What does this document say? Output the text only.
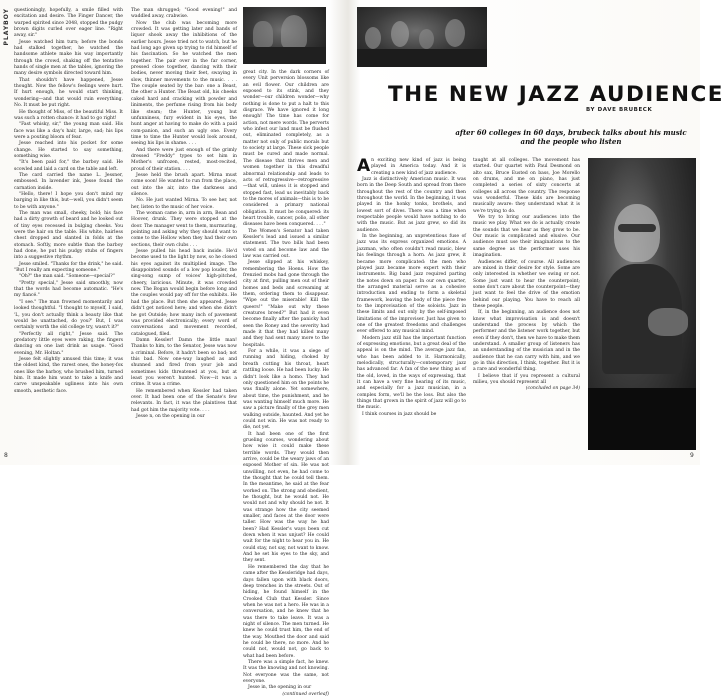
PLAYBOY
8	9

questioningly, hopefully, a smile filled with excitation and desire. The Finger Dancer, the warped spirited since 2048, stopped the pudgy brown digits curled over eager line. "Right away, sir."

Jesse watched him turn; before the bonds had stalked together, he watched the handsome athlete make his way importantly through the crowd, shaking off the tentative hands of single men at the tables, ignoring the many desire symbols directed toward him.

That shouldn't have happened, Jesse thought. Now the fellow's feelings were hurt. If hurt enough, he would start thinking, wondering—and that would ruin everything. No. It must be put right.

He thought of Miss, of the beautiful Miss. It was such a rotten chance: it had to go right!

"Fast whisky, sir," the young man said. His face was like a day's hair, large, sad; his lips were a pouting bloom of fear.

Jesse reached into his pocket for some change. He started to say something, something wise.

"It's been paid for," the barboy said. He scowled and laid a card on the table and left.

The card carried the name L. Jessner, embossed. In lavender ink, Jesse found the carnation inside.

"Hello, there! I hope you don't mind my barging in like this, but—well, you didn't seem to be with anyone."

The man was small, cheeky, bold; his face had a dirty growth of beard and he looked out of tiny eyes recessed in bulging cheeks. You were the hair on the table. His white, hairless chest dropped and slanted in folds at the stomach. Softly, more subtle than the barboy had done, he put his pudgy stubs of fingers into a suggestive rhythm.

Jesse smiled. "Thanks for the drink," he said. "But I really am expecting someone."

"Oh?" the man said. "Someone—special?"

"Pretty special," Jesse said smoothly, now that the words had become automatic. "He's my fiancé."

"I see." The man frowned momentarily and looked thoughtful. "I thought to myself, I said, 'L, you don't actually think a beauty like that would be unattached, do you?' But, I was certainly worth the old college try, wasn't it?"

"Perfectly all right," Jesse said. The predatory little eyes were raking, the fingers dancing on one last drink as usage. "Good evening, Mr. Holtan."

Jesse felt slightly amused this time; it was the oldest kind, the rarest ones, the honey-fox ones like the barboy, who brushed him, turned him. It made him want to take a knife and carve unspeakable ugliness into his own smooth, aesthetic face.

The man shrugged; "Good evening!" and waddled away, crabwise.

Now the club was becoming more crowded. It was getting later and bands of liquor shook away the inhibitions of the earlier hours. Jesse tried not to watch, but he had long ago given up trying to rid himself of his fascination. So he watched the men together. The pair over in the far corner, pressed close together, dancing with their bodies, never moving their feet, swaying in slow, thinner movements to the music. . . . The couple seated by the bar: one a Beast, the other a Hunter. The Beast old, his cheeks caked hard and cracking with powder and liniments, the perfume rising from his body like steam; the Hunter, young but unfunniness, fury evident in his eyes, the hunt anger at having to make do with a paid com-panion, and such an ugly one. Every time to time the Hunter would look around, seeing his lips in shame. . . .

And there were just enough of the grimly dressed "Freddy" types to set him in Mother's unfrozen, rested, most-recited, proud of their station. . . .

Jesse held the brush apart. Mirna must come soon! He wanted to run from the place, out into the air, into the darkness and silence.

No. He just wanted Mirna. To see her, not her, listen to the music of her voice.

The woman came in, arm in arm, Bean and Hoover, drunk. They were stopped at the door. The manager went to them, murmuring, pointing and asking why they should want to come to the Hollow when they had their own sections, their own clubs . . .

Jesse pulled his head back inside. He'd become used to the light by now, so he closed his eyes against its multiplied image. The disappointed sounds of a low pop louder, the sing-song sump of voices' high-pitched, cheery, laricious. Minute, it was crowded now. The Bogan would begin before long and the couples would pay off for the exhibits. He had the place. But then she appeared. Jesse didn't get noticed here; and when she didn't he got Outside; how many inch of pavement was provided electronically; every word of conversations and movement recorded, catalogued, filed.

Damn Kessler! Damn the little man! Thanks to him, to the Senator, Jesse was now a criminal. Before, it hadn't been so bad; not this bad. Now one-way laughed as and shunned and fired from your job and sometimes kids threatened at you, but at least you weren't hunted. Now—it was a crime. It was a crime.

He remembered when Kessler had taken over. It had been one of the Senate's few relevants. In fact, it was the plaintives that had got him the majority vote. . . .

Jesse n, on the opening in our

great city. In the dark corners of every Unit perversion blossoms like an evil flower. Our children are exposed to its stink, and they wonder—our children wonder—why nothing is done to put a halt to this disgrace. We have ignored it long enough! The time has come for action, not mere words. The perverts who infest our land must be flushed out, eliminated completely, as a matter not only of public morals but to society at large. These sick people must be cured and made normal. The disease that thrives men and women together in this dreadful abnormal relationship and leads to acts of retrogressive—retrogressive—that will, unless it is stopped and stopped fast, lead us inevitably back to the mores of animals—this is to be considered a primary national obligation. It must be conquered: its heart trouble, cancer, polio, all other diseases have been conquered. . . ."

The Women's Senator had taken Kessler's lead and issued a similar statement. The two bills had been voted on and become law and the law was carried out.

Jesse slipped at his whiskey, remembering the Hoens. How the frenzied mobs had gone through the city at first, pulling men out of their homes and beds and screaming at them, ordering them to disappear. "Wipe out the miserable! Kill the queers!" "Make out why these creatures breed?" But had it even become finally after the panicky had seen the Roney and the severity had made it that they had killed many and they had sent many more to the hospitals.

For a while, it was a siege of running and hiding, choked by breath cutting his throat, heart rattling loose. He had been lucky. He didn't look like a homo. They had only questioned him on the points he was finally alone. Yet somewhere, about time, the punishment, and he was wanting himself much more. He saw a picture finally of the grey men walking outside, haunted. And yet he could not win. He was not ready to die, not yet.

It had been one of the first grueling courses, wondering about how wise it could make these terrible words. They would then arrive, could be the weary jaws of an exposed Mother of sin. He was not unwilling, not even, he had come to the thought that he could tell them. In the meantime, he said at the fear worked on. The strong and obedient, he thought, but he would not. He would not and why should he not. It was strange how the city seemed smaller, and faces at the door were taller. How was the way he had been? Had Kessler's ways been cut down when it was unjust? He could wait for the night to hear you in. He could stay, not say, not want to know. And he set his eyes to the sky, and they sent.

He remembered the day that he came after the Kessleridge had days, days fallen upon with black doors, deep trenches in the streets. Out of hiding, he found himself in the Crooked Club that Kessler. Since when he was not a hero. He was in a conversation, and he knew that he was there to take leave. It was a night of silence. The men turned. He knew he could trust him, the end of the way. Mouthed the door and said he could be there, no more. And he could not, would not, go back to what had been before.

There was a simple fact, he knew. It was the knowing and not knowing. Not everyone was the same, not everyone.

Jesse in, the opening in our

(continued overleaf)
THE NEW JAZZ AUDIENCE
BY DAVE BRUBECK
after 60 colleges in 60 days, brubeck talks about his music and the people who listen

An exciting new kind of jazz is being played in America today. And it is creating a new kind of jazz audience.

Jazz is distinctively American music. It was born in the Deep South and spread from there throughout the rest of the country and then throughout the world. In the beginning, it was played in the honky tonks, brothels, and lowest sort of dives. There was a time when respectable people would have nothing to do with the music. But as jazz grew, so did its audience.

In the beginning, an unpretentious fuse of jazz was its express organized emotions. A jazzman, who often couldn't read music, blew his feelings through a horn. As jazz grew, it became more complicated: the men who played jazz became more expert with their instruments. Big band jazz required parting the notes down on paper. In our own quarter, the arranged material serve as a cohesive introduction and ending to form a skeletal framework, leaving the body of the piece free to the improvisation of the soloists. Jazz in these limits and out only by the self-imposed limitations of the improviser. Just has given to one of the greatest freedoms and challenges ever offered to any musical mind.

Modern jazz still has the important function of expressing emotions, but a great deal of the appeal is on the mind. The average jazz fan, who has been added to it. Harmonically, melodically, structurally—contemporary jazz has advanced far. A fan of the new thing as of the old, loved, in the ways of expressing, that it can have a very fine hearing of its music, and especially for a jazz musician, in a complex form, we'll be the loss. But also the things that grown in the spirit of jazz will go to the music.

I think courses in jazz should be

taught at all colleges. The movement has started. Our quartet with Paul Desmond on alto sax, Bruce Eusted on bass, Joe Morello on drums, and me on piano, has just completed a series of sixty concerts at colleges all across the country. The response was wonderful. These kids are becoming musically aware: they understand what it is we're trying to do.

We try to bring our audiences into the music we play. What we do is actually create the sounds that we hear as they grow to be. Our music is complicated and elusive. Our audience must use their imaginations to the same degree as the performer uses his imagination.

Audiences differ, of course. All audiences are mixed in their desire for style. Some are only interested in whether we swing or not. Some just want to hear the counterpoint; some don't care about the counterpoint—they just want to feel the drive of the emotion behind our playing. You have to reach all these people.

If, in the beginning, an audience does not know what improvisation is and doesn't understand the process by which the performer and the listener work together, but even if they don't, then we have to make them understand. A smaller group of listeners has an understanding of the musician and in the audience that he can carry with him, and we go in this direction, I think, together. But it is a rare and wonderful thing.

I believe that if you represent a cultural milieu, you should represent all

(concluded on page 34)
